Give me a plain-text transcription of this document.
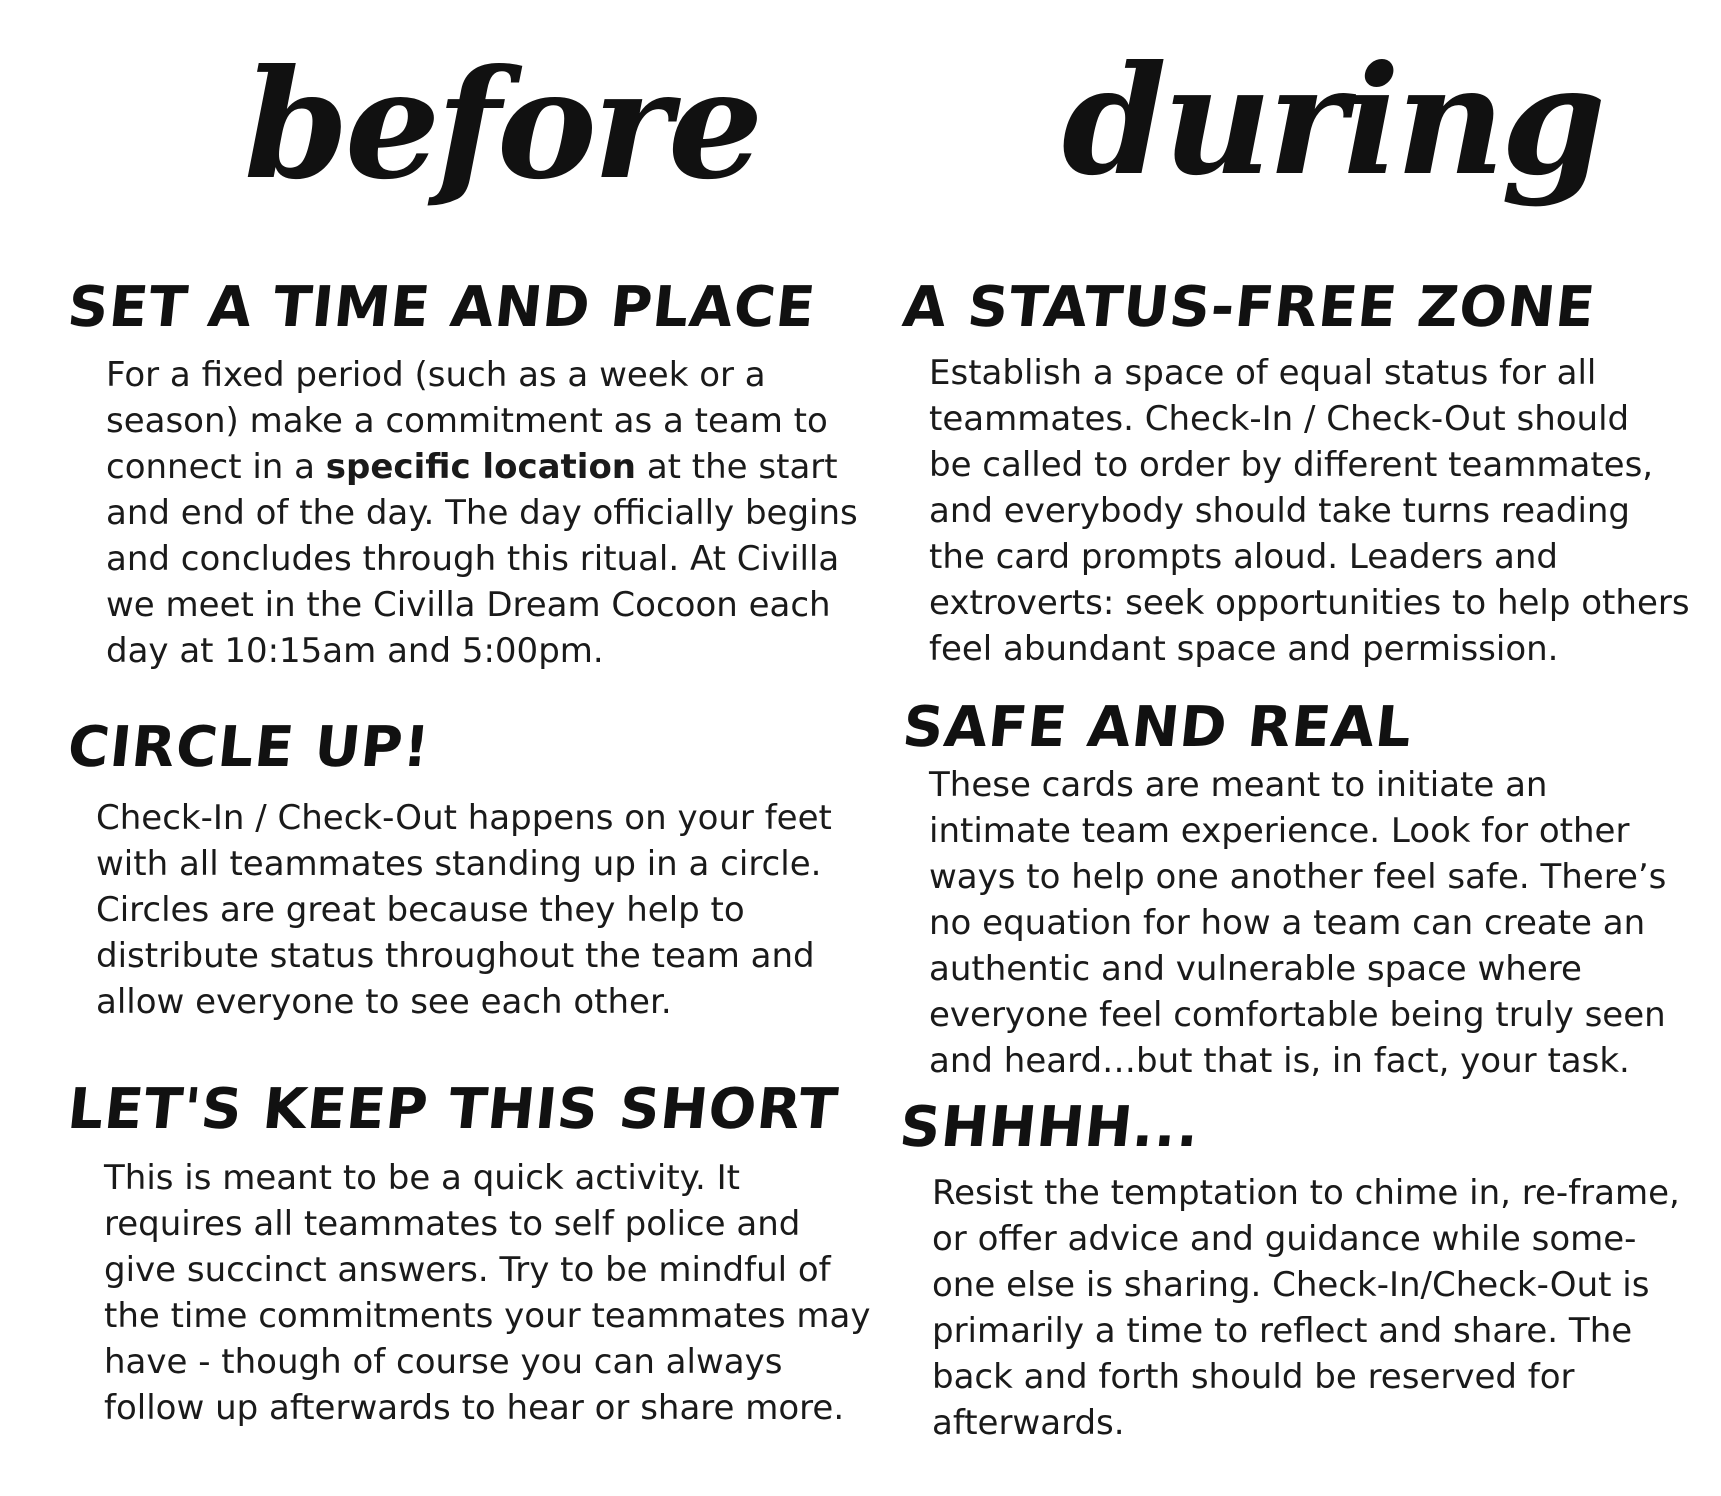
before during
SET A TIME AND PLACE

For a fixed period (such as a week or a
season) make a commitment as a team to
connect in a specific location at the start
and end of the day. The day officially begins
and concludes through this ritual. At Civilla
we meet in the Civilla Dream Cocoon each
day at 10:15am and 5:00pm.

CIRCLE UP!

Check-In / Check-Out happens on your feet
with all teammates standing up in a circle.
Circles are great because they help to
distribute status throughout the team and
allow everyone to see each other.

LET'S KEEP THIS SHORT

This is meant to be a quick activity. It
requires all teammates to self police and
give succinct answers. Try to be mindful of
the time commitments your teammates may
have - though of course you can always
follow up afterwards to hear or share more.

A STATUS-FREE ZONE

Establish a space of equal status for all
teammates. Check-In / Check-Out should
be called to order by different teammates,
and everybody should take turns reading
the card prompts aloud. Leaders and
extroverts: seek opportunities to help others
feel abundant space and permission.

SAFE AND REAL

These cards are meant to initiate an
intimate team experience. Look for other
ways to help one another feel safe. There’s
no equation for how a team can create an
authentic and vulnerable space where
everyone feel comfortable being truly seen
and heard…but that is, in fact, your task.

SHHHH...

Resist the temptation to chime in, re-frame,
or offer advice and guidance while some-
one else is sharing. Check-In/Check-Out is
primarily a time to reflect and share. The
back and forth should be reserved for
afterwards.
